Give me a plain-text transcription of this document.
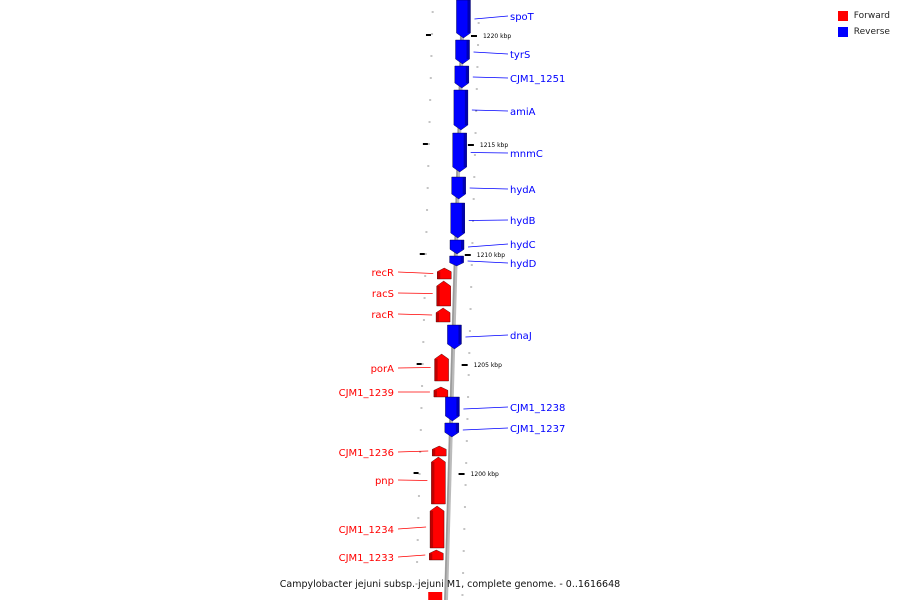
spoT
tyrS
CJM1_1251
amiA
mnmC
hydA
hydB
hydC
hydD
recR
racS
racR
dnaJ
porA
CJM1_1239
CJM1_1238
CJM1_1237
CJM1_1236
pnp
CJM1_1234
CJM1_1233
1220 kbp
1215 kbp
1210 kbp
1205 kbp
1200 kbp
Forward
Reverse
Campylobacter jejuni subsp. jejuni M1, complete genome. - 0..1616648
